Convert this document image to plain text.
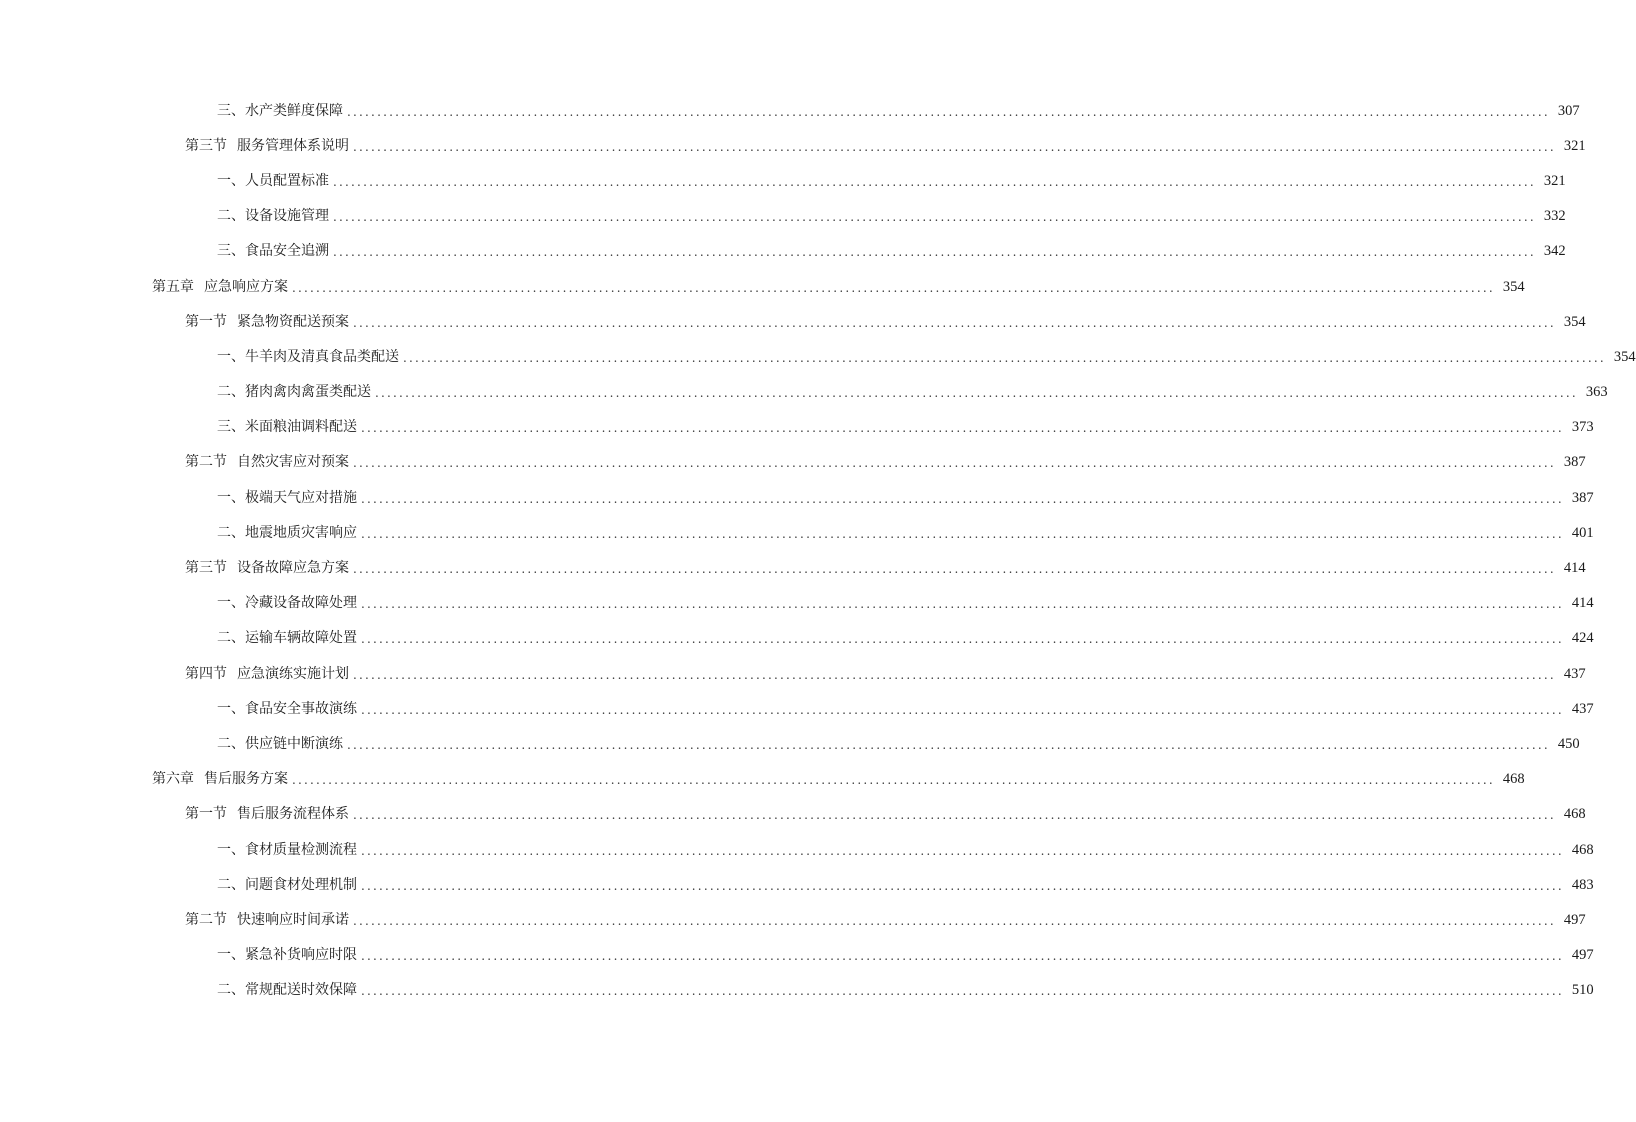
三、 水产类鲜度保障 ........................................................................................................................................................................................................ 307
第三节 服务管理体系说明 ........................................................................................................................................................................................................ 321
一、 人员配置标准 ........................................................................................................................................................................................................ 321
二、 设备设施管理 ........................................................................................................................................................................................................ 332
三、 食品安全追溯 ........................................................................................................................................................................................................ 342
第五章 应急响应方案 ........................................................................................................................................................................................................ 354
第一节 紧急物资配送预案 ........................................................................................................................................................................................................ 354
一、 牛羊肉及清真食品类配送 ........................................................................................................................................................................................................ 354
二、 猪肉禽肉禽蛋类配送 ........................................................................................................................................................................................................ 363
三、 米面粮油调料配送 ........................................................................................................................................................................................................ 373
第二节 自然灾害应对预案 ........................................................................................................................................................................................................ 387
一、 极端天气应对措施 ........................................................................................................................................................................................................ 387
二、 地震地质灾害响应 ........................................................................................................................................................................................................ 401
第三节 设备故障应急方案 ........................................................................................................................................................................................................ 414
一、 冷藏设备故障处理 ........................................................................................................................................................................................................ 414
二、 运输车辆故障处置 ........................................................................................................................................................................................................ 424
第四节 应急演练实施计划 ........................................................................................................................................................................................................ 437
一、 食品安全事故演练 ........................................................................................................................................................................................................ 437
二、 供应链中断演练 ........................................................................................................................................................................................................ 450
第六章 售后服务方案 ........................................................................................................................................................................................................ 468
第一节 售后服务流程体系 ........................................................................................................................................................................................................ 468
一、 食材质量检测流程 ........................................................................................................................................................................................................ 468
二、 问题食材处理机制 ........................................................................................................................................................................................................ 483
第二节 快速响应时间承诺 ........................................................................................................................................................................................................ 497
一、 紧急补货响应时限 ........................................................................................................................................................................................................ 497
二、 常规配送时效保障 ........................................................................................................................................................................................................ 510
